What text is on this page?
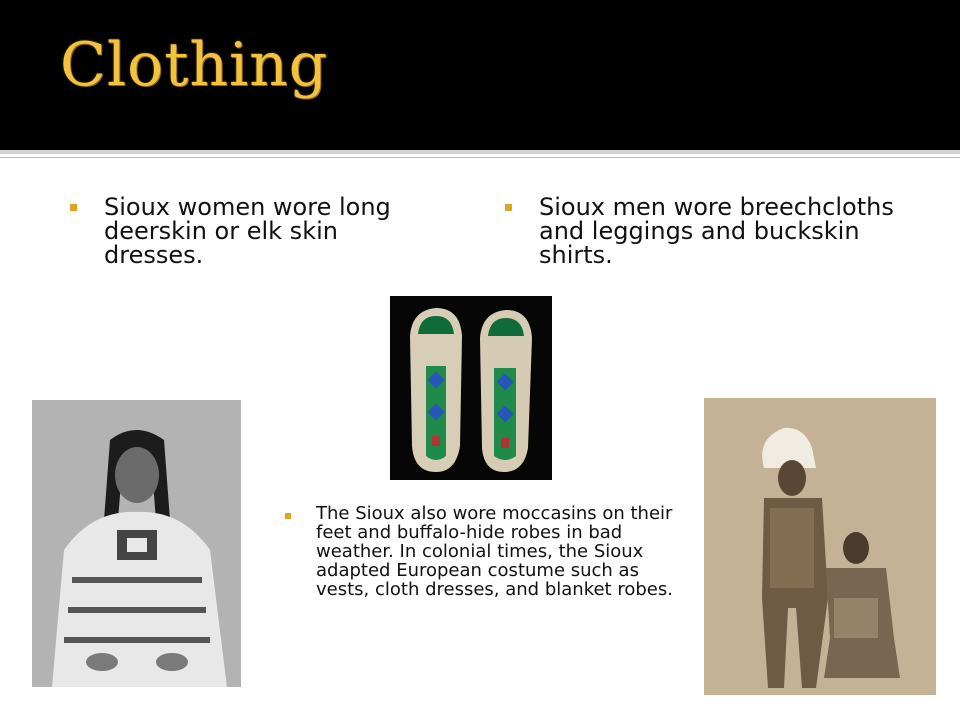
Clothing
Sioux women wore long deerskin or elk skin dresses.
Sioux men wore breechcloths and leggings and buckskin shirts.
The Sioux also wore moccasins on their feet and buffalo-hide robes in bad weather. In colonial times, the Sioux adapted European costume such as vests, cloth dresses, and blanket robes.
